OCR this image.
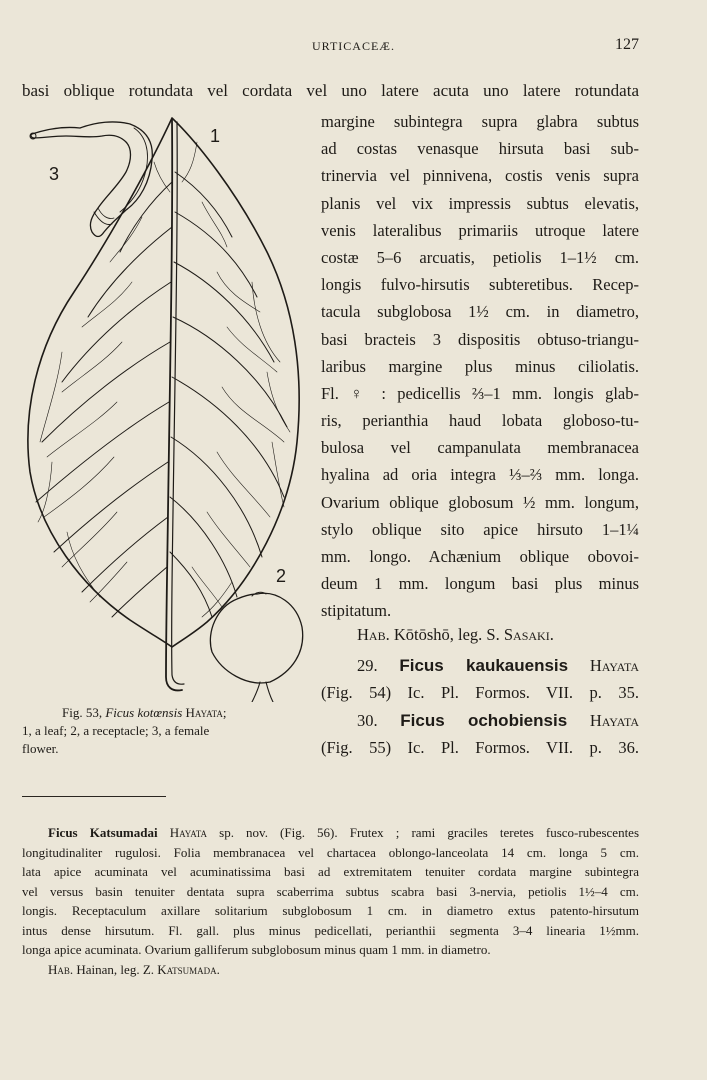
URTICACEÆ.	127
basi oblique rotundata vel cordata vel uno latere acuta uno latere rotundata
1
2
3
margine subintegra supra glabra subtus
ad costas venasque hirsuta basi sub-
trinervia vel pinnivena, costis venis supra
planis vel vix impressis subtus elevatis,
venis lateralibus primariis utroque latere
costæ 5–6 arcuatis, petiolis 1–1½ cm.
longis fulvo-hirsutis subteretibus. Recep-
tacula subglobosa 1½ cm. in diametro,
basi bracteis 3 dispositis obtuso-triangu-
laribus margine plus minus ciliolatis.
Fl. ♀ : pedicellis ⅔–1 mm. longis glab-
ris, perianthia haud lobata globoso-tu-
bulosa vel campanulata membranacea
hyalina ad oria integra ⅓–⅔ mm. longa.
Ovarium oblique globosum ½ mm. longum,
stylo oblique sito apice hirsuto 1–1¼
mm. longo. Achænium oblique obovoi-
deum 1 mm. longum basi plus minus
stipitatum.
Hab. Kōtōshō, leg. S. Sasaki.
29. Ficus kaukauensis Hayata
(Fig. 54) Ic. Pl. Formos. VII. p. 35.
30. Ficus ochobiensis Hayata
(Fig. 55) Ic. Pl. Formos. VII. p. 36.
Fig. 53, Ficus kotœnsis Hayata;
1, a leaf; 2, a receptacle; 3, a female
flower.
Ficus Katsumadai Hayata sp. nov. (Fig. 56). Frutex ; rami graciles teretes fusco-rubescentes
longitudinaliter rugulosi. Folia membranacea vel chartacea oblongo-lanceolata 14 cm. longa 5 cm.
lata apice acuminata vel acuminatissima basi ad extremitatem tenuiter cordata margine subintegra
vel versus basin tenuiter dentata supra scaberrima subtus scabra basi 3-nervia, petiolis 1½–4 cm.
longis. Receptaculum axillare solitarium subglobosum 1 cm. in diametro extus patento-hirsutum
intus dense hirsutum. Fl. gall. plus minus pedicellati, perianthii segmenta 3–4 linearia 1½mm.
longa apice acuminata. Ovarium galliferum subglobosum minus quam 1 mm. in diametro.
Hab. Hainan, leg. Z. Katsumada.
